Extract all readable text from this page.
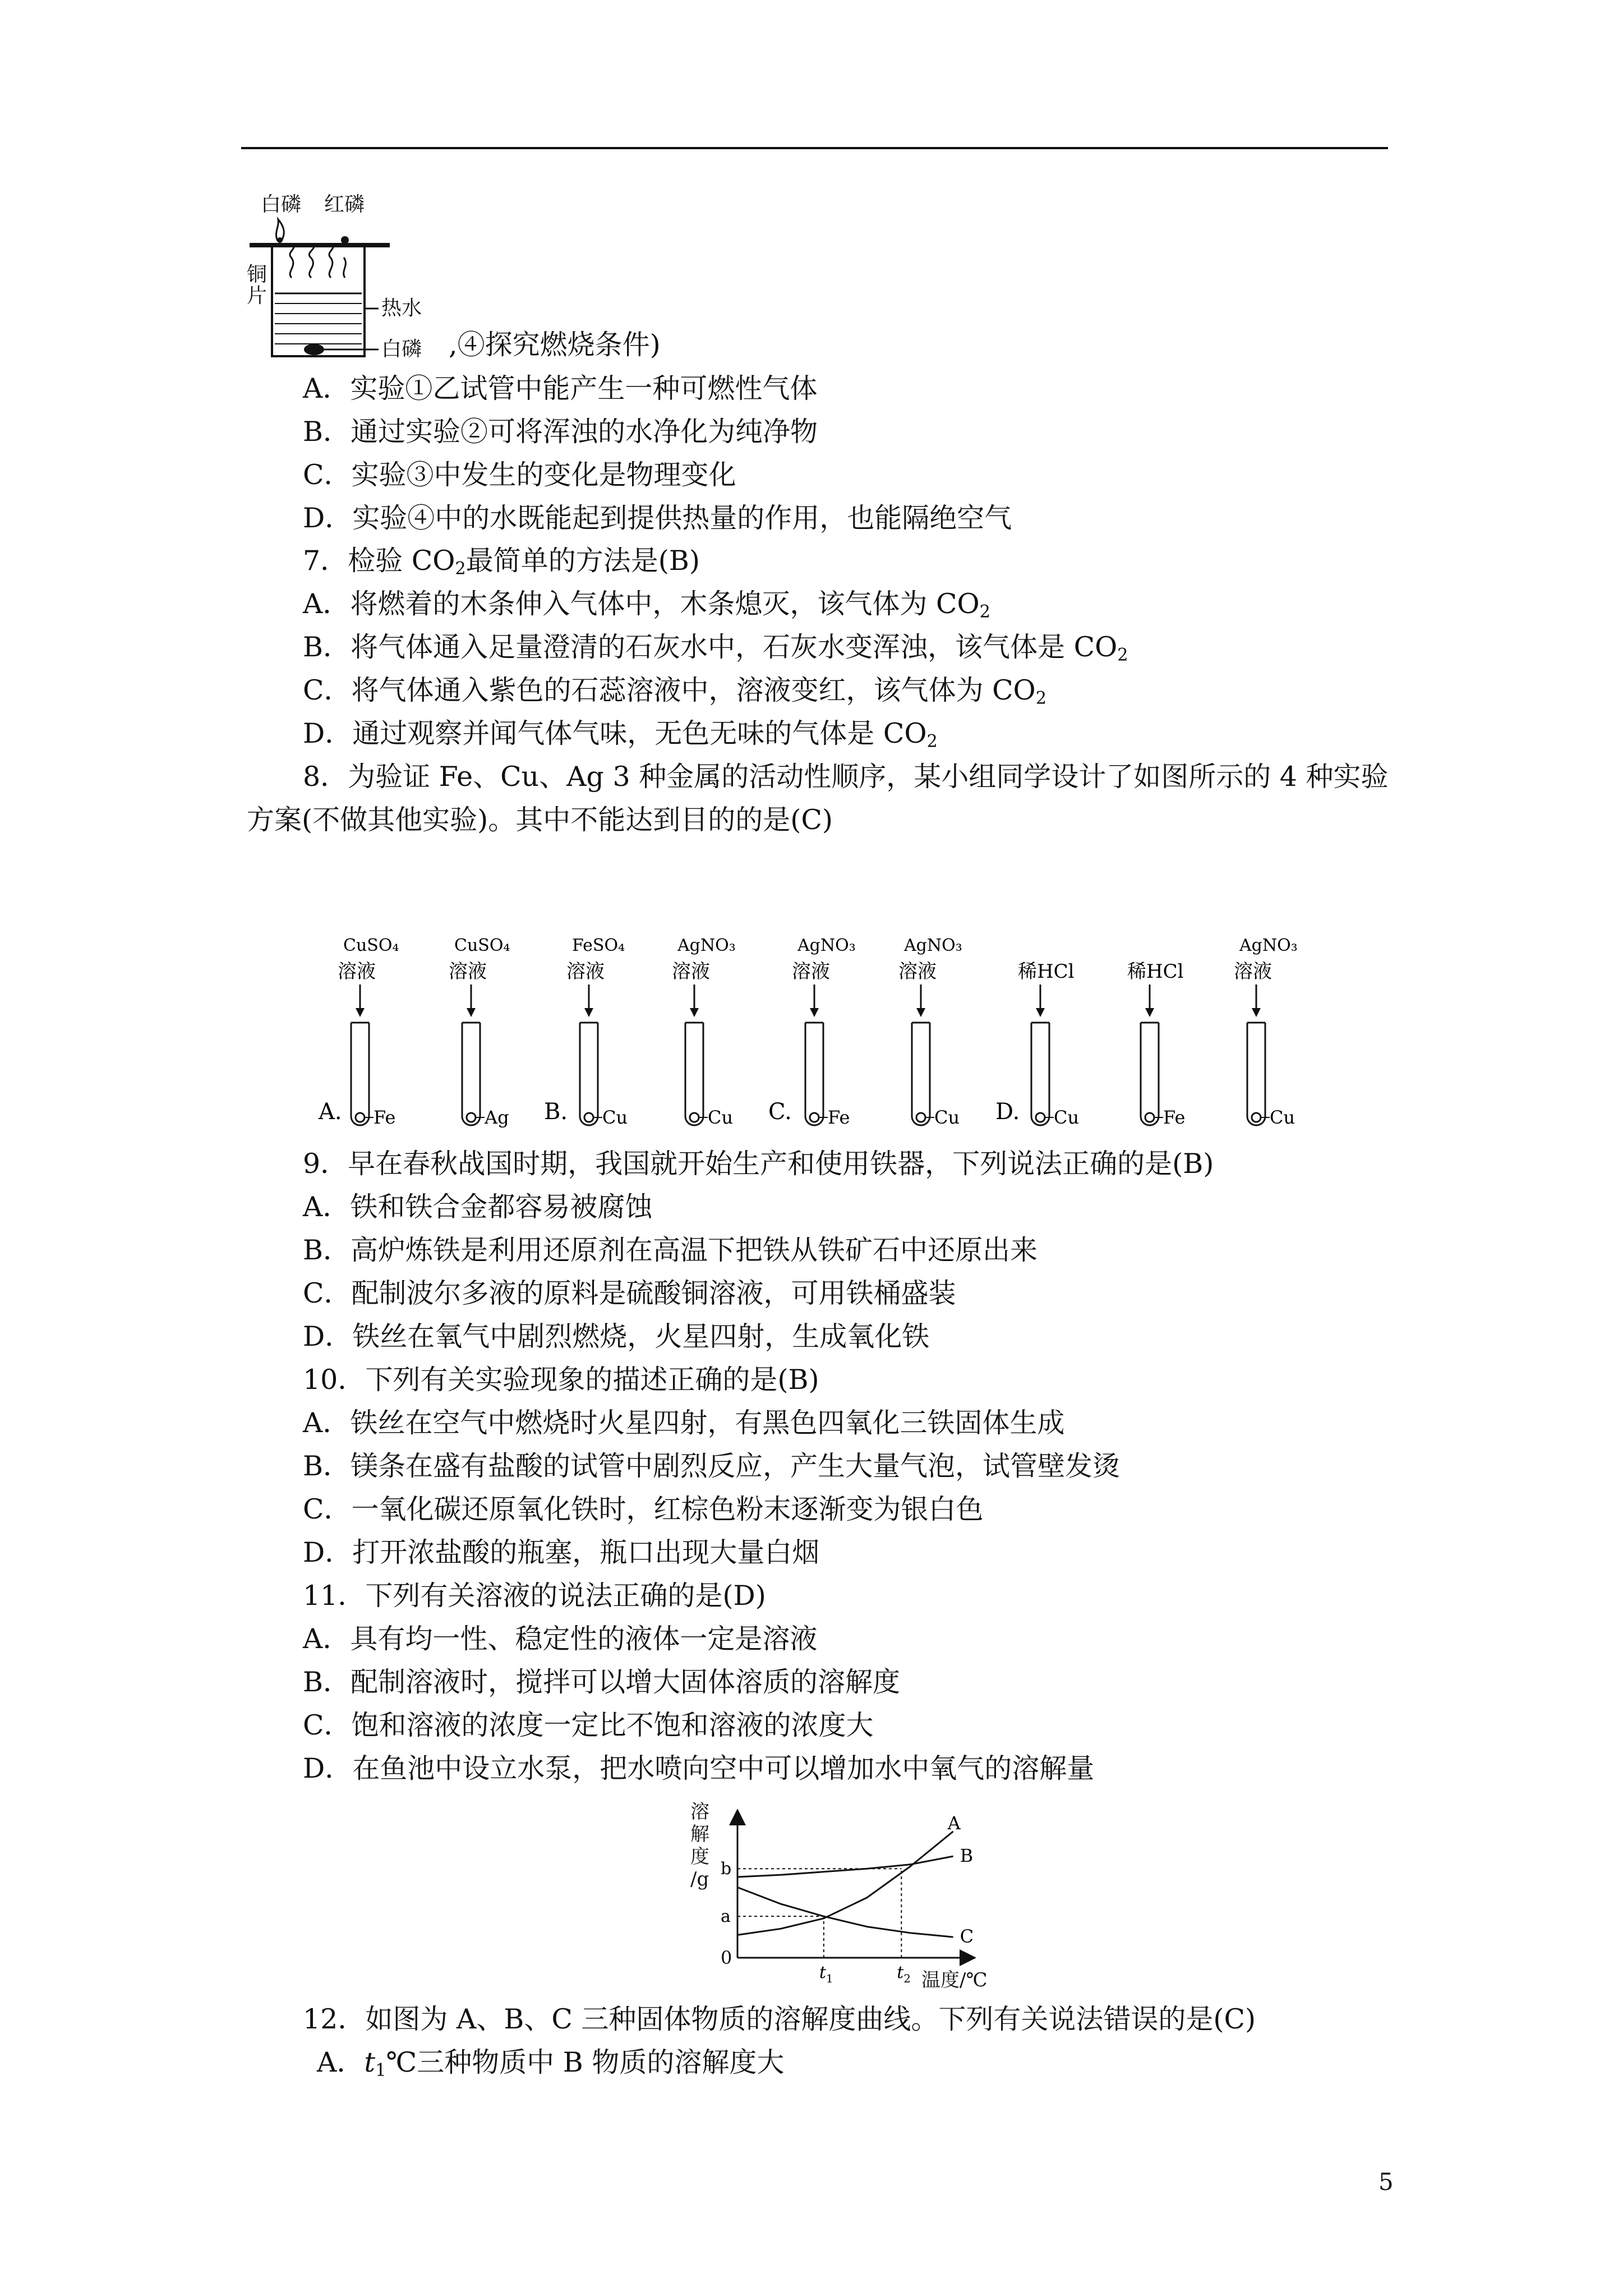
白磷 红磷
铜
片
热水
白磷 ,④探究燃烧条件)
A．实验①乙试管中能产生一种可燃性气体
B．通过实验②可将浑浊的水净化为纯净物
C．实验③中发生的变化是物理变化
D．实验④中的水既能起到提供热量的作用，也能隔绝空气
7．检验 $CO_2$最简单的方法是(B)
A．将燃着的木条伸入气体中，木条熄灭，该气体为 $CO_2$
B．将气体通入足量澄清的石灰水中，石灰水变浑浊，该气体是 $CO_2$
C．将气体通入紫色的石蕊溶液中，溶液变红，该气体为 $CO_2$
D．通过观察并闻气体气味，无色无味的气体是 $CO_2$
8．为验证 Fe、Cu、Ag 3 种金属的活动性顺序，某小组同学设计了如图所示的 4 种实验
方案(不做其他实验)。其中不能达到目的的是(C)
A.
CuSO₄
溶液
Fe
CuSO₄
溶液
Ag B.
FeSO₄
溶液
Cu
AgNO₃
溶液
Cu C.
AgNO₃
溶液
Fe
AgNO₃
溶液
Cu D.
稀HCl
Cu
稀HCl
Fe
AgNO₃
溶液
Cu
9．早在春秋战国时期，我国就开始生产和使用铁器，下列说法正确的是(B)
A．铁和铁合金都容易被腐蚀
B．高炉炼铁是利用还原剂在高温下把铁从铁矿石中还原出来
C．配制波尔多液的原料是硫酸铜溶液，可用铁桶盛装
D．铁丝在氧气中剧烈燃烧，火星四射，生成氧化铁
10．下列有关实验现象的描述正确的是(B)
A．铁丝在空气中燃烧时火星四射，有黑色四氧化三铁固体生成
B．镁条在盛有盐酸的试管中剧烈反应，产生大量气泡，试管壁发烫
C．一氧化碳还原氧化铁时，红棕色粉末逐渐变为银白色
D．打开浓盐酸的瓶塞，瓶口出现大量白烟
11．下列有关溶液的说法正确的是(D)
A．具有均一性、稳定性的液体一定是溶液
B．配制溶液时，搅拌可以增大固体溶质的溶解度
C．饱和溶液的浓度一定比不饱和溶液的浓度大
D．在鱼池中设立水泵，把水喷向空中可以增加水中氧气的溶解量
b
a
t 1	t 2
A
B
C
溶
解
度
/g
温度/℃
0
12．如图为 A、B、C 三种固体物质的溶解度曲线。下列有关说法错误的是(C)
A．$t_1℃$三种物质中 B 物质的溶解度大
5
